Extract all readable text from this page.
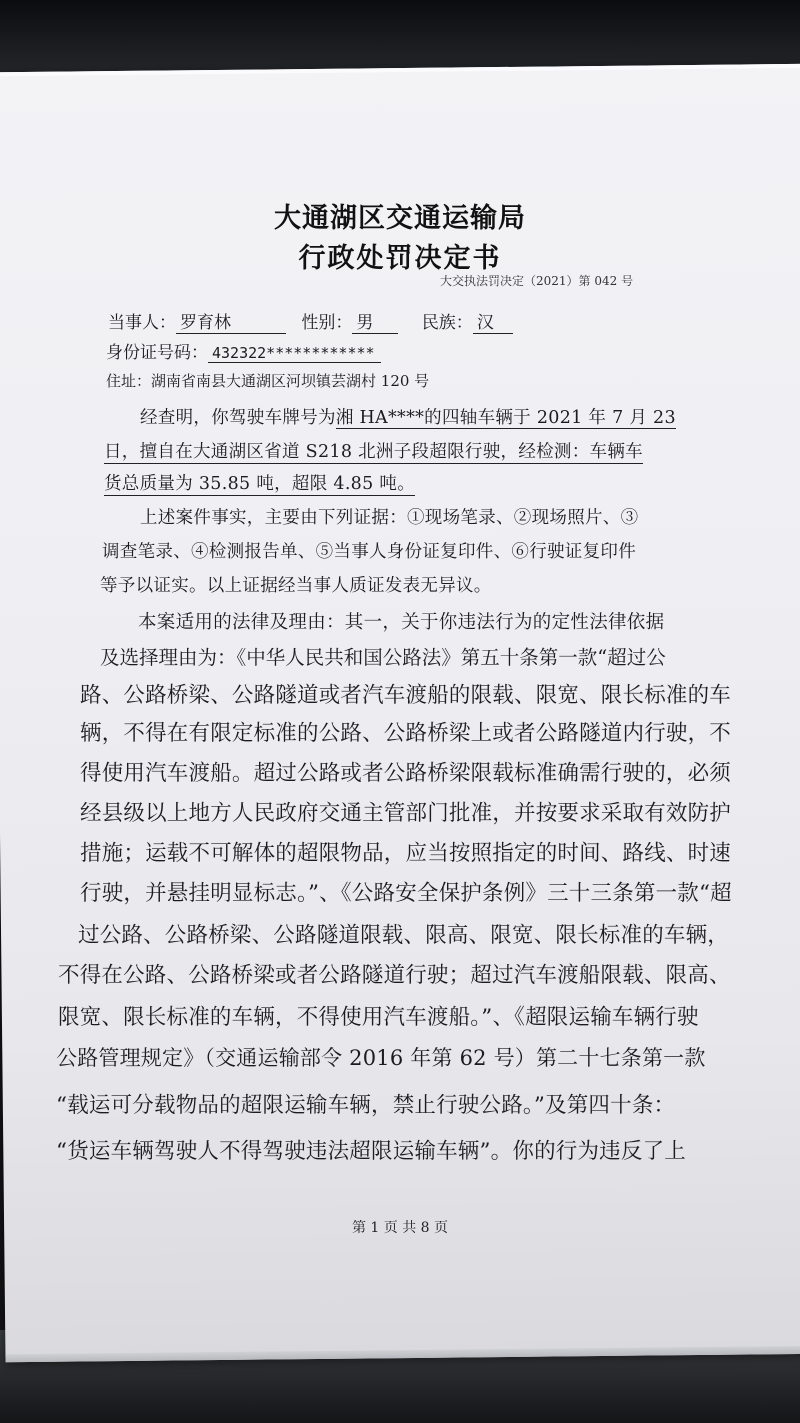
大通湖区交通运输局
行政处罚决定书
大交执法罚决定（2021）第 042 号
当事人： 罗育林	性别： 男	民族： 汉
身份证号码： 432322************
住址：湖南省南县大通湖区河坝镇芸湖村 120 号
经查明，你驾驶车牌号为湘 HA****的四轴车辆于 2021 年 7 月 23
日，擅自在大通湖区省道 S218 北洲子段超限行驶，经检测：车辆车
货总质量为 35.85 吨，超限 4.85 吨。
上述案件事实，主要由下列证据：①现场笔录、②现场照片、③
调查笔录、④检测报告单、⑤当事人身份证复印件、⑥行驶证复印件
等予以证实。以上证据经当事人质证发表无异议。
本案适用的法律及理由：其一，关于你违法行为的定性法律依据
及选择理由为：《中华人民共和国公路法》第五十条第一款“超过公
路、公路桥梁、公路隧道或者汽车渡船的限载、限宽、限长标准的车
辆，不得在有限定标准的公路、公路桥梁上或者公路隧道内行驶，不
得使用汽车渡船。超过公路或者公路桥梁限载标准确需行驶的，必须
经县级以上地方人民政府交通主管部门批准，并按要求采取有效防护
措施；运载不可解体的超限物品，应当按照指定的时间、路线、时速
行驶，并悬挂明显标志。”、《公路安全保护条例》三十三条第一款“超
过公路、公路桥梁、公路隧道限载、限高、限宽、限长标准的车辆，
不得在公路、公路桥梁或者公路隧道行驶；超过汽车渡船限载、限高、
限宽、限长标准的车辆，不得使用汽车渡船。”、《超限运输车辆行驶
公路管理规定》（交通运输部令 2016 年第 62 号）第二十七条第一款
“载运可分载物品的超限运输车辆，禁止行驶公路。”及第四十条：
“货运车辆驾驶人不得驾驶违法超限运输车辆”。你的行为违反了上
第 1 页 共 8 页
